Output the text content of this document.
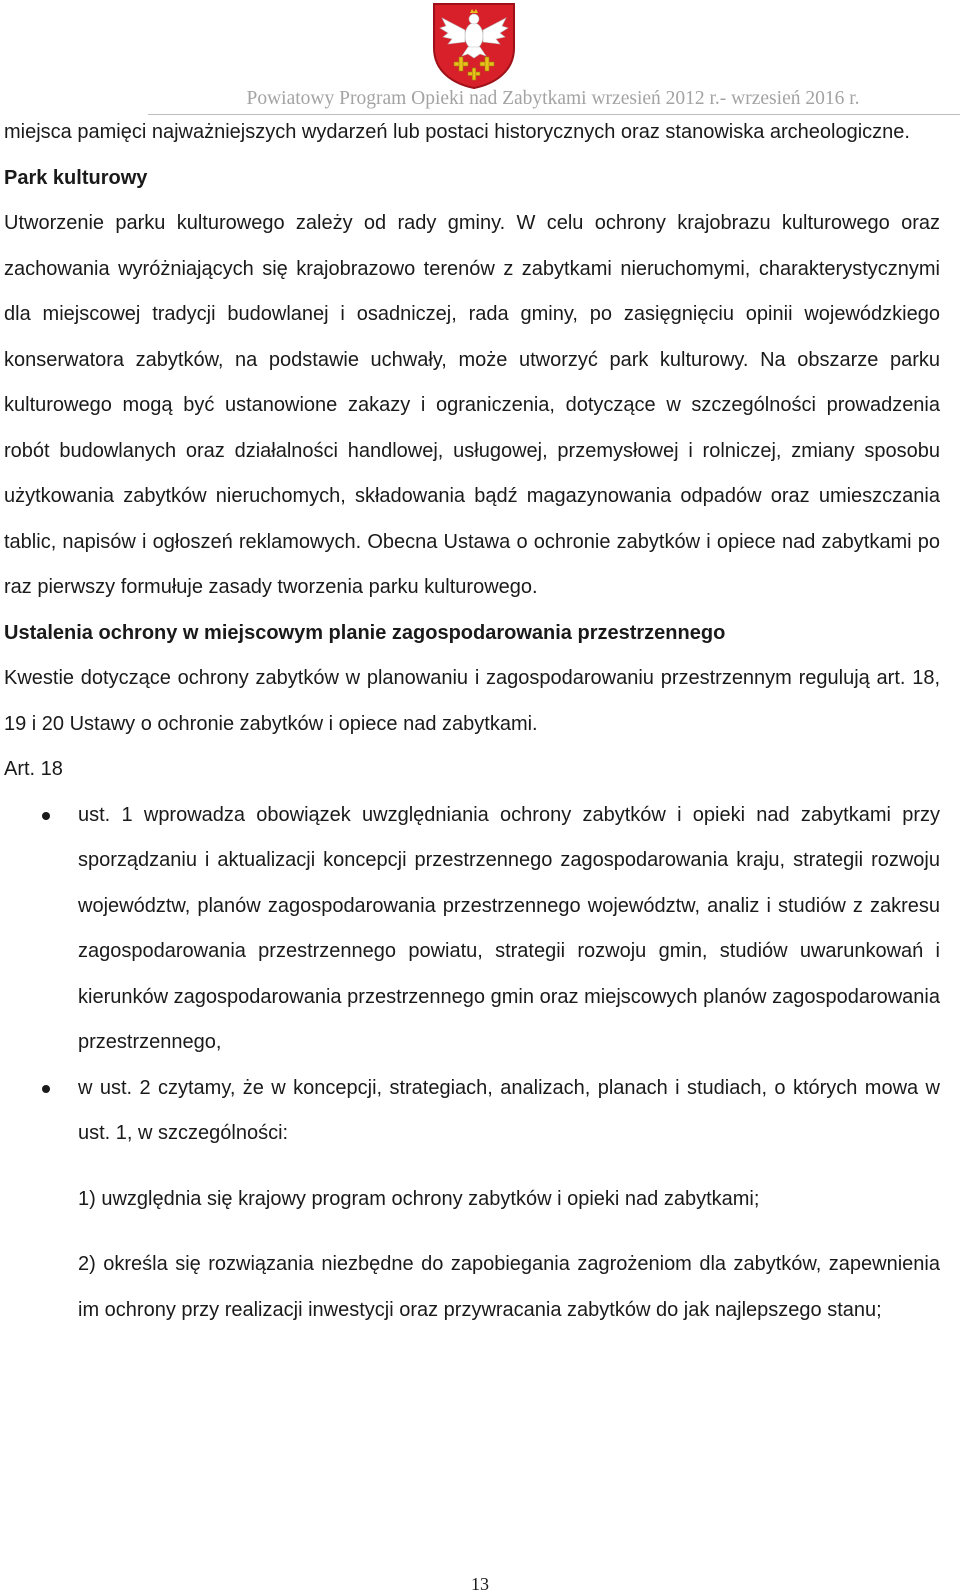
Powiatowy Program Opieki nad Zabytkami wrzesień 2012 r.- wrzesień 2016 r.

miejsca pamięci najważniejszych wydarzeń lub postaci historycznych oraz stanowiska archeologiczne.

Park kulturowy

Utworzenie parku kulturowego zależy od rady gminy. W celu ochrony krajobrazu kulturowego oraz zachowania wyróżniających się krajobrazowo terenów z zabytkami nieruchomymi, charakterystycznymi dla miejscowej tradycji budowlanej i osadniczej, rada gminy, po zasięgnięciu opinii wojewódzkiego konserwatora zabytków, na podstawie uchwały, może utworzyć park kulturowy. Na obszarze parku kulturowego mogą być ustanowione zakazy i ograniczenia, dotyczące w szczególności prowadzenia robót budowlanych oraz działalności handlowej, usługowej, przemysłowej i rolniczej, zmiany sposobu użytkowania zabytków nieruchomych, składowania bądź magazynowania odpadów oraz umieszczania tablic, napisów i ogłoszeń reklamowych. Obecna Ustawa o ochronie zabytków i opiece nad zabytkami po raz pierwszy formułuje zasady tworzenia parku kulturowego.

Ustalenia ochrony w miejscowym planie zagospodarowania przestrzennego

Kwestie dotyczące ochrony zabytków w planowaniu i zagospodarowaniu przestrzennym regulują art. 18, 19 i 20 Ustawy o ochronie zabytków i opiece nad zabytkami.

Art. 18

ust. 1 wprowadza obowiązek uwzględniania ochrony zabytków i opieki nad zabytkami przy sporządzaniu i aktualizacji koncepcji przestrzennego zagospodarowania kraju, strategii rozwoju województw, planów zagospodarowania przestrzennego województw, analiz i studiów z zakresu zagospodarowania przestrzennego powiatu, strategii rozwoju gmin, studiów uwarunkowań i kierunków zagospodarowania przestrzennego gmin oraz miejscowych planów zagospodarowania przestrzennego,
w ust. 2 czytamy, że w koncepcji, strategiach, analizach, planach i studiach, o których mowa w ust. 1, w szczególności:

1) uwzględnia się krajowy program ochrony zabytków i opieki nad zabytkami;

2) określa się rozwiązania niezbędne do zapobiegania zagrożeniom dla zabytków, zapewnienia im ochrony przy realizacji inwestycji oraz przywracania zabytków do jak najlepszego stanu;

13
